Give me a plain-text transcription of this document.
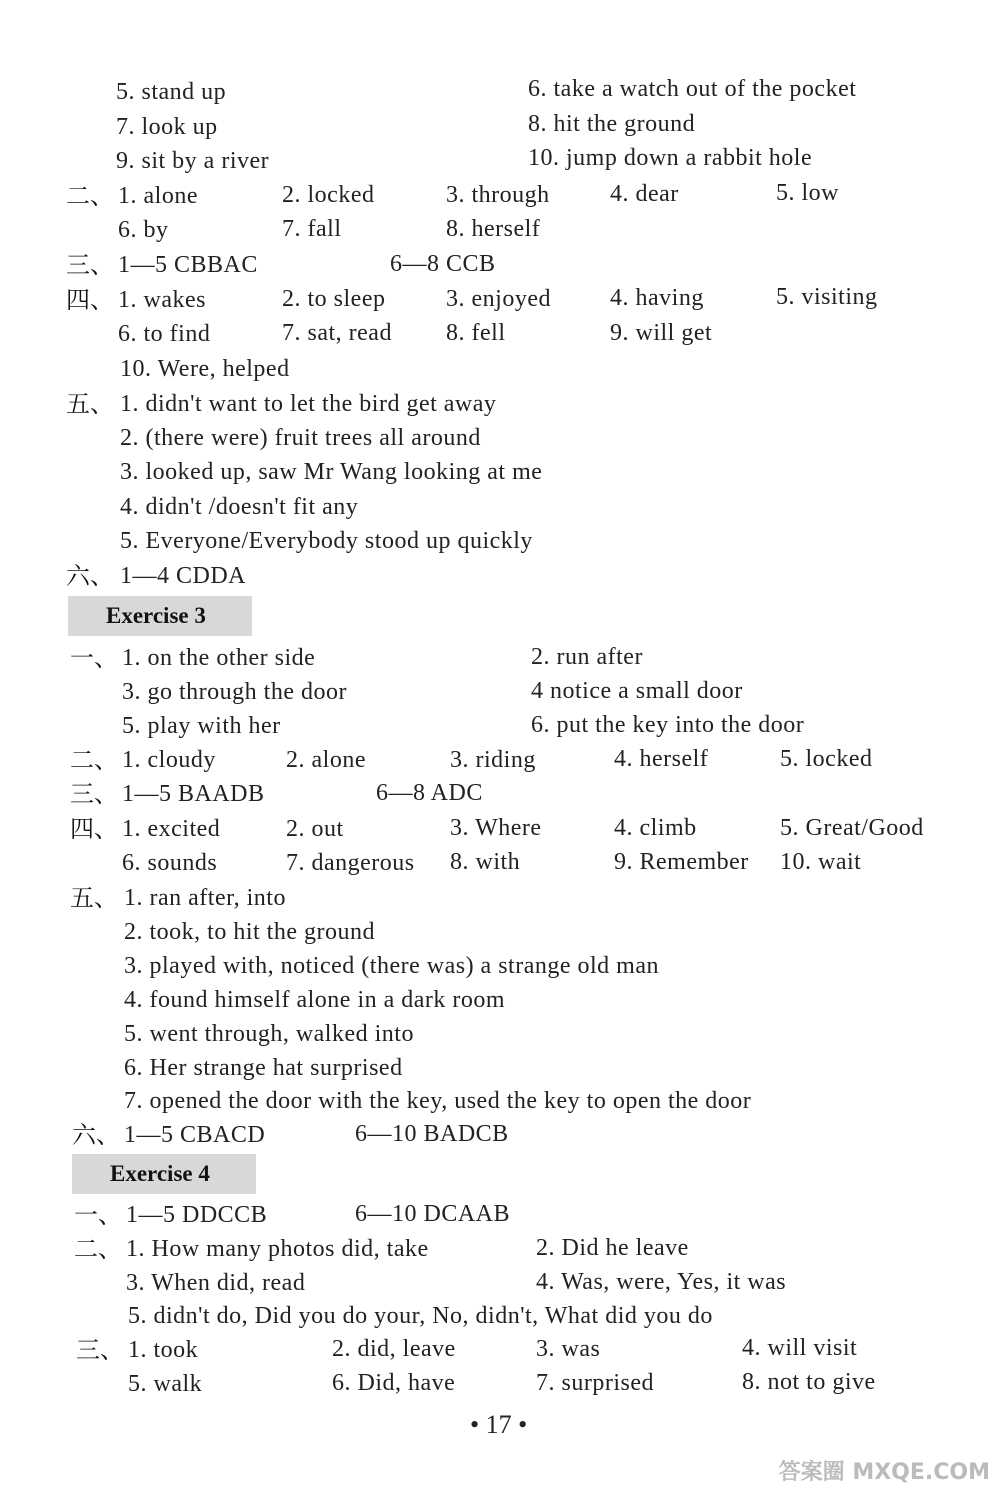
5. stand up	6. take a watch out of the pocket
7. look up	8. hit the ground
9. sit by a river	10. jump down a rabbit hole
二、 1. alone	2. locked	3. through	4. dear	5. low
6. by	7. fall	8. herself
三、 1—5 CBBAC	6—8 CCB
四、 1. wakes	2. to sleep	3. enjoyed 4. having	5. visiting
6. to find	7. sat, read 8. fell	9. will get
10. Were, helped
五、 1. didn't want to let the bird get away
2. (there were) fruit trees all around
3. looked up, saw Mr Wang looking at me
4. didn't /doesn't fit any
5. Everyone/Everybody stood up quickly
六、 1—4 CDDA
Exercise 3
一、 1. on the other side	2. run after
3. go through the door	4 notice a small door
5. play with her	6. put the key into the door
二、 1. cloudy	2. alone	3. riding	4. herself	5. locked
三、 1—5 BAADB	6—8 ADC
四、 1. excited	2. out	3. Where	4. climb	5. Great/Good
6. sounds	7. dangerous 8. with	9. Remember 10. wait
五、 1. ran after, into
2. took, to hit the ground
3. played with, noticed (there was) a strange old man
4. found himself alone in a dark room
5. went through, walked into
6. Her strange hat surprised
7. opened the door with the key, used the key to open the door
六、 1—5 CBACD	6—10 BADCB
Exercise 4
一、 1—5 DDCCB	6—10 DCAAB
二、 1. How many photos did, take	2. Did he leave
3. When did, read	4. Was, were, Yes, it was
5. didn't do, Did you do your, No, didn't, What did you do
三、 1. took	2. did, leave	3. was	4. will visit
5. walk	6. Did, have	7. surprised	8. not to give
• 17 •
答案圈 MXQE.COM
